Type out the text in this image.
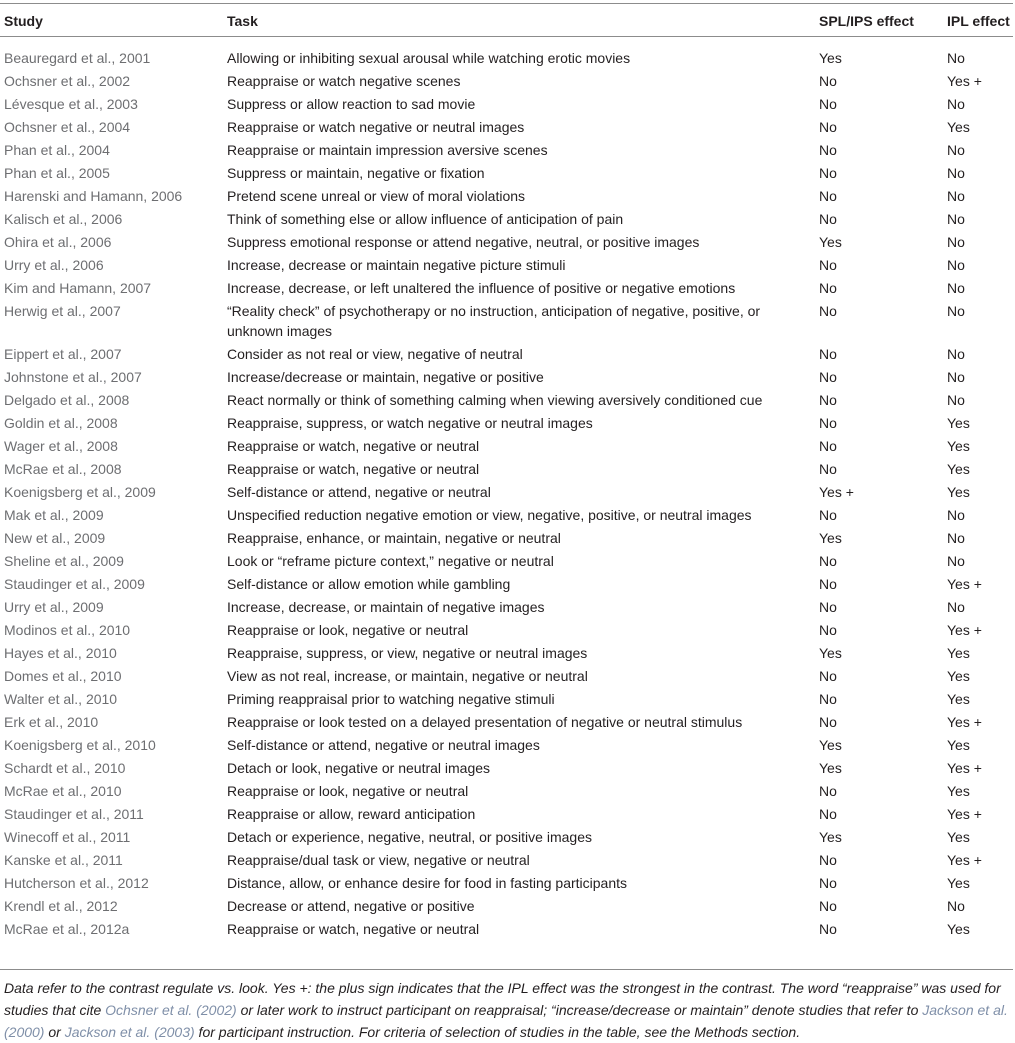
Study	Task	SPL/IPS effect	IPL effect
Beauregard et al., 2001	Allowing or inhibiting sexual arousal while watching erotic movies	Yes	No
Ochsner et al., 2002	Reappraise or watch negative scenes	No	Yes +
Lévesque et al., 2003	Suppress or allow reaction to sad movie	No	No
Ochsner et al., 2004	Reappraise or watch negative or neutral images	No	Yes
Phan et al., 2004	Reappraise or maintain impression aversive scenes	No	No
Phan et al., 2005	Suppress or maintain, negative or fixation	No	No
Harenski and Hamann, 2006	Pretend scene unreal or view of moral violations	No	No
Kalisch et al., 2006	Think of something else or allow influence of anticipation of pain	No	No
Ohira et al., 2006	Suppress emotional response or attend negative, neutral, or positive images	Yes	No
Urry et al., 2006	Increase, decrease or maintain negative picture stimuli	No	No
Kim and Hamann, 2007	Increase, decrease, or left unaltered the influence of positive or negative emotions	No	No
Herwig et al., 2007	“Reality check” of psychotherapy or no instruction, anticipation of negative, positive, or unknown images	No	No
Eippert et al., 2007	Consider as not real or view, negative of neutral	No	No
Johnstone et al., 2007	Increase/decrease or maintain, negative or positive	No	No
Delgado et al., 2008	React normally or think of something calming when viewing aversively conditioned cue	No	No
Goldin et al., 2008	Reappraise, suppress, or watch negative or neutral images	No	Yes
Wager et al., 2008	Reappraise or watch, negative or neutral	No	Yes
McRae et al., 2008	Reappraise or watch, negative or neutral	No	Yes
Koenigsberg et al., 2009	Self-distance or attend, negative or neutral	Yes +	Yes
Mak et al., 2009	Unspecified reduction negative emotion or view, negative, positive, or neutral images	No	No
New et al., 2009	Reappraise, enhance, or maintain, negative or neutral	Yes	No
Sheline et al., 2009	Look or “reframe picture context,” negative or neutral	No	No
Staudinger et al., 2009	Self-distance or allow emotion while gambling	No	Yes +
Urry et al., 2009	Increase, decrease, or maintain of negative images	No	No
Modinos et al., 2010	Reappraise or look, negative or neutral	No	Yes +
Hayes et al., 2010	Reappraise, suppress, or view, negative or neutral images	Yes	Yes
Domes et al., 2010	View as not real, increase, or maintain, negative or neutral	No	Yes
Walter et al., 2010	Priming reappraisal prior to watching negative stimuli	No	Yes
Erk et al., 2010	Reappraise or look tested on a delayed presentation of negative or neutral stimulus	No	Yes +
Koenigsberg et al., 2010	Self-distance or attend, negative or neutral images	Yes	Yes
Schardt et al., 2010	Detach or look, negative or neutral images	Yes	Yes +
McRae et al., 2010	Reappraise or look, negative or neutral	No	Yes
Staudinger et al., 2011	Reappraise or allow, reward anticipation	No	Yes +
Winecoff et al., 2011	Detach or experience, negative, neutral, or positive images	Yes	Yes
Kanske et al., 2011	Reappraise/dual task or view, negative or neutral	No	Yes +
Hutcherson et al., 2012	Distance, allow, or enhance desire for food in fasting participants	No	Yes
Krendl et al., 2012	Decrease or attend, negative or positive	No	No
McRae et al., 2012a	Reappraise or watch, negative or neutral	No	Yes
Data refer to the contrast regulate vs. look. Yes +: the plus sign indicates that the IPL effect was the strongest in the contrast. The word “reappraise” was used for studies that cite Ochsner et al. (2002) or later work to instruct participant on reappraisal; “increase/decrease or maintain” denote studies that refer to Jackson et al. (2000) or Jackson et al. (2003) for participant instruction. For criteria of selection of studies in the table, see the Methods section.
